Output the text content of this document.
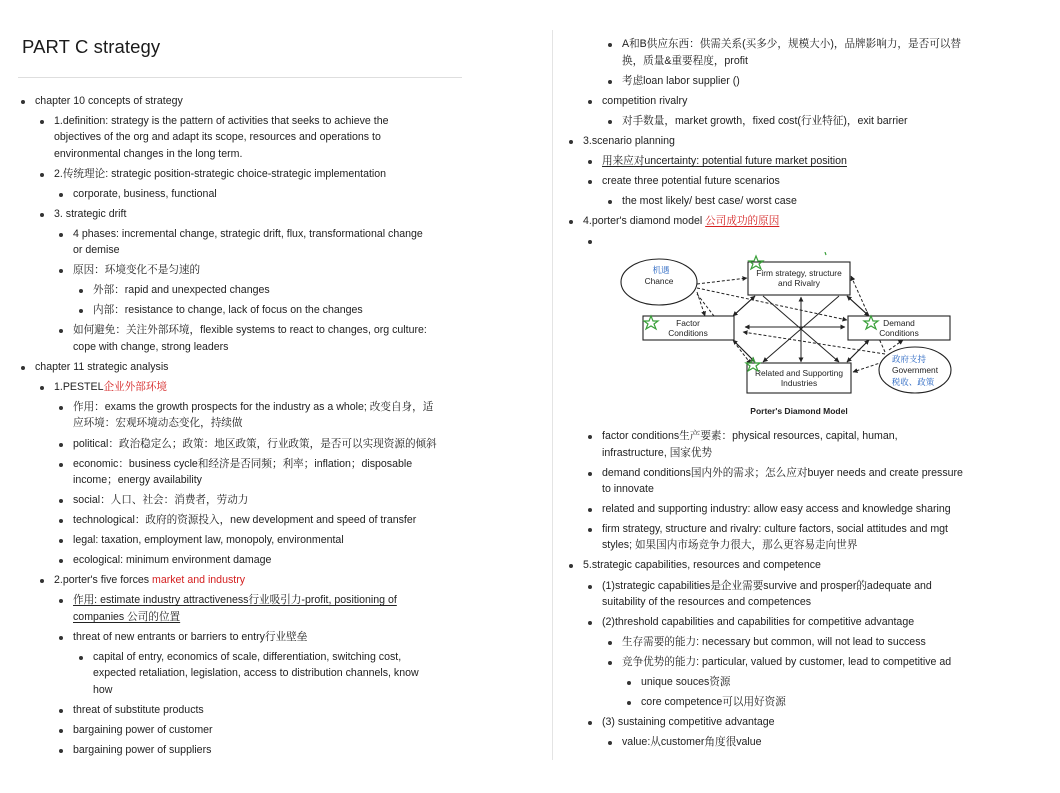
PART C strategy
chapter 10 concepts of strategy
1.definition: strategy is the pattern of activities that seeks to achieve the
objectives of the org and adapt its scope, resources and operations to
environmental changes in the long term.
2.传统理论: strategic position-strategic choice-strategic implementation
corporate, business, functional
3. strategic drift
4 phases: incremental change, strategic drift, flux, transformational change
or demise
原因：环境变化不是匀速的
外部：rapid and unexpected changes
内部：resistance to change, lack of focus on the changes
如何避免：关注外部环境，flexible systems to react to changes, org culture:
cope with change, strong leaders
chapter 11 strategic analysis
1.PESTEL企业外部环境
作用：exams the growth prospects for the industry as a whole; 改变自身，适
应环境：宏观环境动态变化，持续做
political：政治稳定么；政策：地区政策，行业政策，是否可以实现资源的倾斜
economic：business cycle和经济是否同频；利率；inflation；disposable
income；energy availability
social：人口、社会：消费者，劳动力
technological：政府的资源投入，new development and speed of transfer
legal: taxation, employment law, monopoly, environmental
ecological: minimum environment damage
2.porter's five forces market and industry
作用: estimate industry attractiveness行业吸引力-profit, positioning of
companies 公司的位置
threat of new entrants or barriers to entry行业壁垒
capital of entry, economics of scale, differentiation, switching cost,
expected retaliation, legislation, access to distribution channels, know
how
threat of substitute products
bargaining power of customer
bargaining power of suppliers
A和B供应东西：供需关系(买多少，规模大小)，品牌影响力，是否可以替
换，质量&重要程度，profit
考虑loan labor supplier ()
competition rivalry
对手数量，market growth，fixed cost(行业特征)，exit barrier
3.scenario planning
用来应对uncertainty: potential future market position
create three potential future scenarios
the most likely/ best case/ worst case
4.porter's diamond model 公司成功的原因
Chance
机遇	Firm strategy, structure
and Rivalry
Factor
Conditions
Demand
Conditions
Related and Supporting
Industries
Government
政府支持
税收、政策
Porter's Diamond Model
factor conditions生产要素：physical resources, capital, human,
infrastructure, 国家优势
demand conditions国内外的需求；怎么应对buyer needs and create pressure
to innovate
related and supporting industry: allow easy access and knowledge sharing
firm strategy, structure and rivalry: culture factors, social attitudes and mgt
styles; 如果国内市场竞争力很大，那么更容易走向世界
5.strategic capabilities, resources and competence
(1)strategic capabilities是企业需要survive and prosper的adequate and
suitability of the resources and competences
(2)threshold capabilities and capabilities for competitive advantage
生存需要的能力: necessary but common, will not lead to success
竞争优势的能力: particular, valued by customer, lead to competitive ad
unique souces资源
core competence可以用好资源
(3) sustaining competitive advantage
value:从customer角度很value
